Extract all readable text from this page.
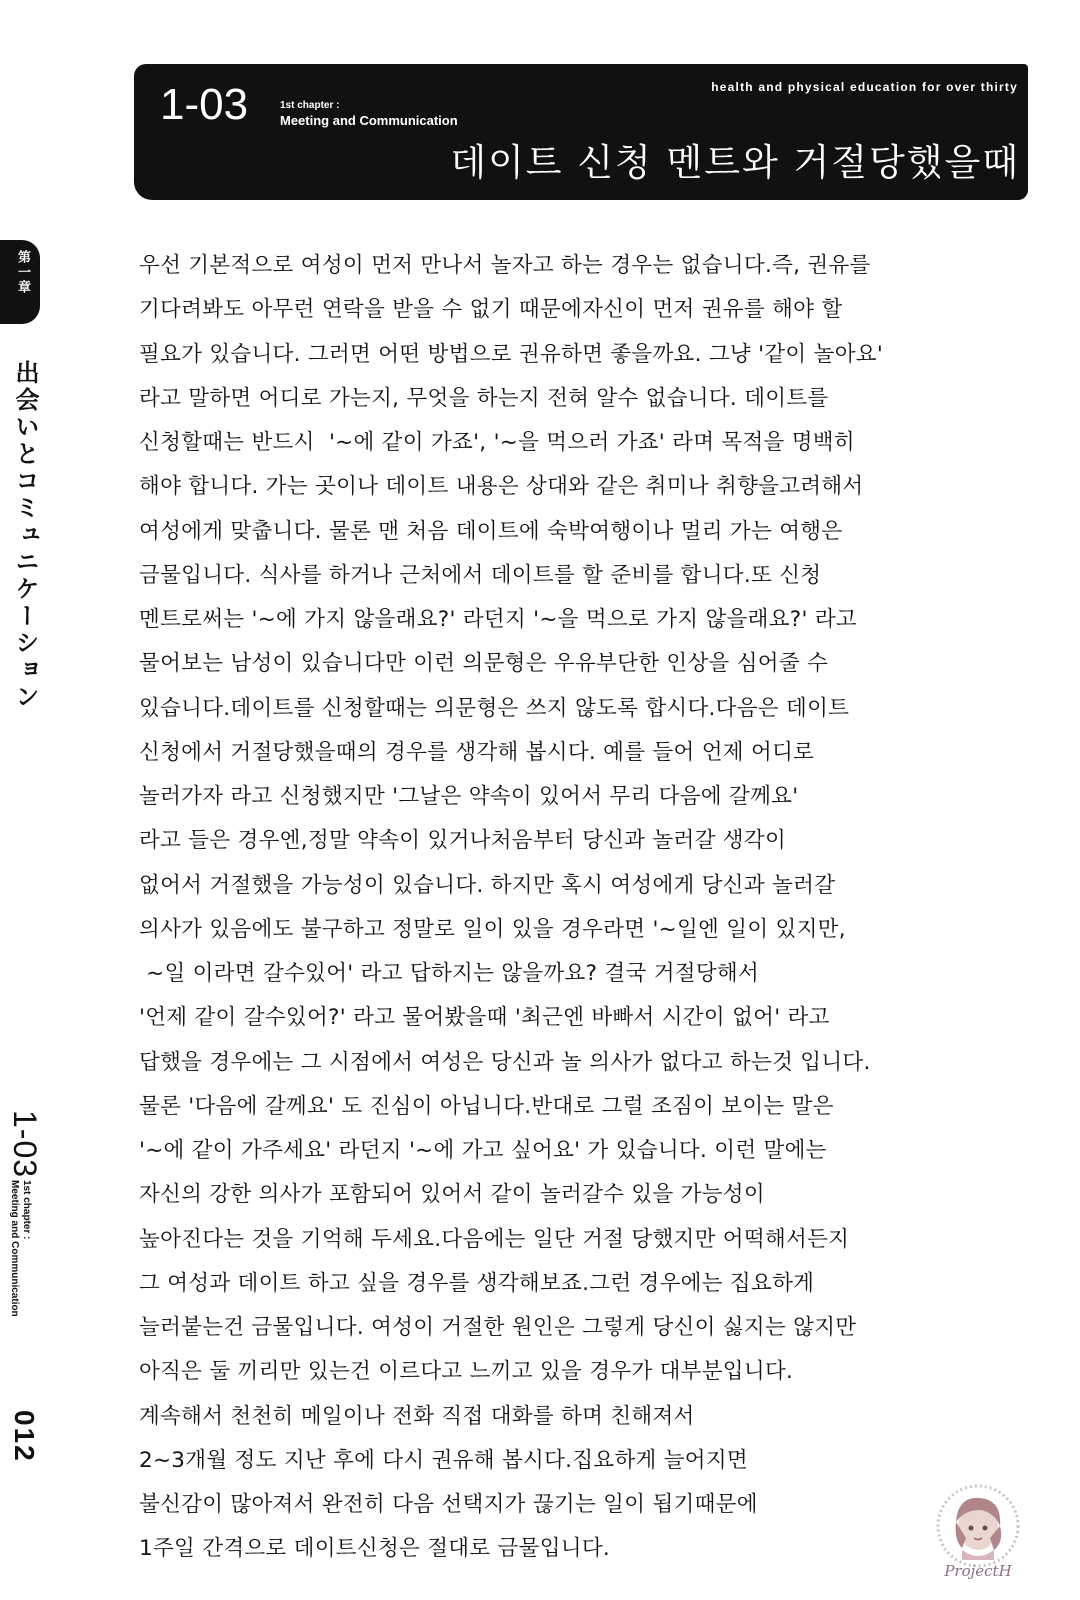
1-03	1st chapter :
Meeting and Communication
health and physical education for over thirty
데이트 신청 멘트와 거절당했을때
第一章
出会いとコミュニケーション
1-03
1st chapter :
Meeting and Communication
012
우선 기본적으로 여성이 먼저 만나서 놀자고 하는 경우는 없습니다.즉, 권유를
기다려봐도 아무런 연락을 받을 수 없기 때문에자신이 먼저 권유를 해야 할
필요가 있습니다. 그러면 어떤 방법으로 권유하면 좋을까요. 그냥 '같이 놀아요'
라고 말하면 어디로 가는지, 무엇을 하는지 전혀 알수 없습니다. 데이트를
신청할때는 반드시  '~에 같이 가죠', '~을 먹으러 가죠' 라며 목적을 명백히
해야 합니다. 가는 곳이나 데이트 내용은 상대와 같은 취미나 취향을고려해서
여성에게 맞춥니다. 물론 맨 처음 데이트에 숙박여행이나 멀리 가는 여행은
금물입니다. 식사를 하거나 근처에서 데이트를 할 준비를 합니다.또 신청
멘트로써는 '~에 가지 않을래요?' 라던지 '~을 먹으로 가지 않을래요?' 라고
물어보는 남성이 있습니다만 이런 의문형은 우유부단한 인상을 심어줄 수
있습니다.데이트를 신청할때는 의문형은 쓰지 않도록 합시다.다음은 데이트
신청에서 거절당했을때의 경우를 생각해 봅시다. 예를 들어 언제 어디로
놀러가자 라고 신청했지만 '그날은 약속이 있어서 무리 다음에 갈께요'
라고 들은 경우엔,정말 약속이 있거나처음부터 당신과 놀러갈 생각이
없어서 거절했을 가능성이 있습니다. 하지만 혹시 여성에게 당신과 놀러갈
의사가 있음에도 불구하고 정말로 일이 있을 경우라면 '~일엔 일이 있지만,
~일 이라면 갈수있어' 라고 답하지는 않을까요? 결국 거절당해서
'언제 같이 갈수있어?' 라고 물어봤을때 '최근엔 바빠서 시간이 없어' 라고
답했을 경우에는 그 시점에서 여성은 당신과 놀 의사가 없다고 하는것 입니다.
물론 '다음에 갈께요' 도 진심이 아닙니다.반대로 그럴 조짐이 보이는 말은
'~에 같이 가주세요' 라던지 '~에 가고 싶어요' 가 있습니다. 이런 말에는
자신의 강한 의사가 포함되어 있어서 같이 놀러갈수 있을 가능성이
높아진다는 것을 기억해 두세요.다음에는 일단 거절 당했지만 어떡해서든지
그 여성과 데이트 하고 싶을 경우를 생각해보죠.그런 경우에는 집요하게
늘러붙는건 금물입니다. 여성이 거절한 원인은 그렇게 당신이 싫지는 않지만
아직은 둘 끼리만 있는건 이르다고 느끼고 있을 경우가 대부분입니다.
계속해서 천천히 메일이나 전화 직접 대화를 하며 친해져서
2~3개월 정도 지난 후에 다시 권유해 봅시다.집요하게 늘어지면
불신감이 많아져서 완전히 다음 선택지가 끊기는 일이 됩기때문에
1주일 간격으로 데이트신청은 절대로 금물입니다.
ProjectH
